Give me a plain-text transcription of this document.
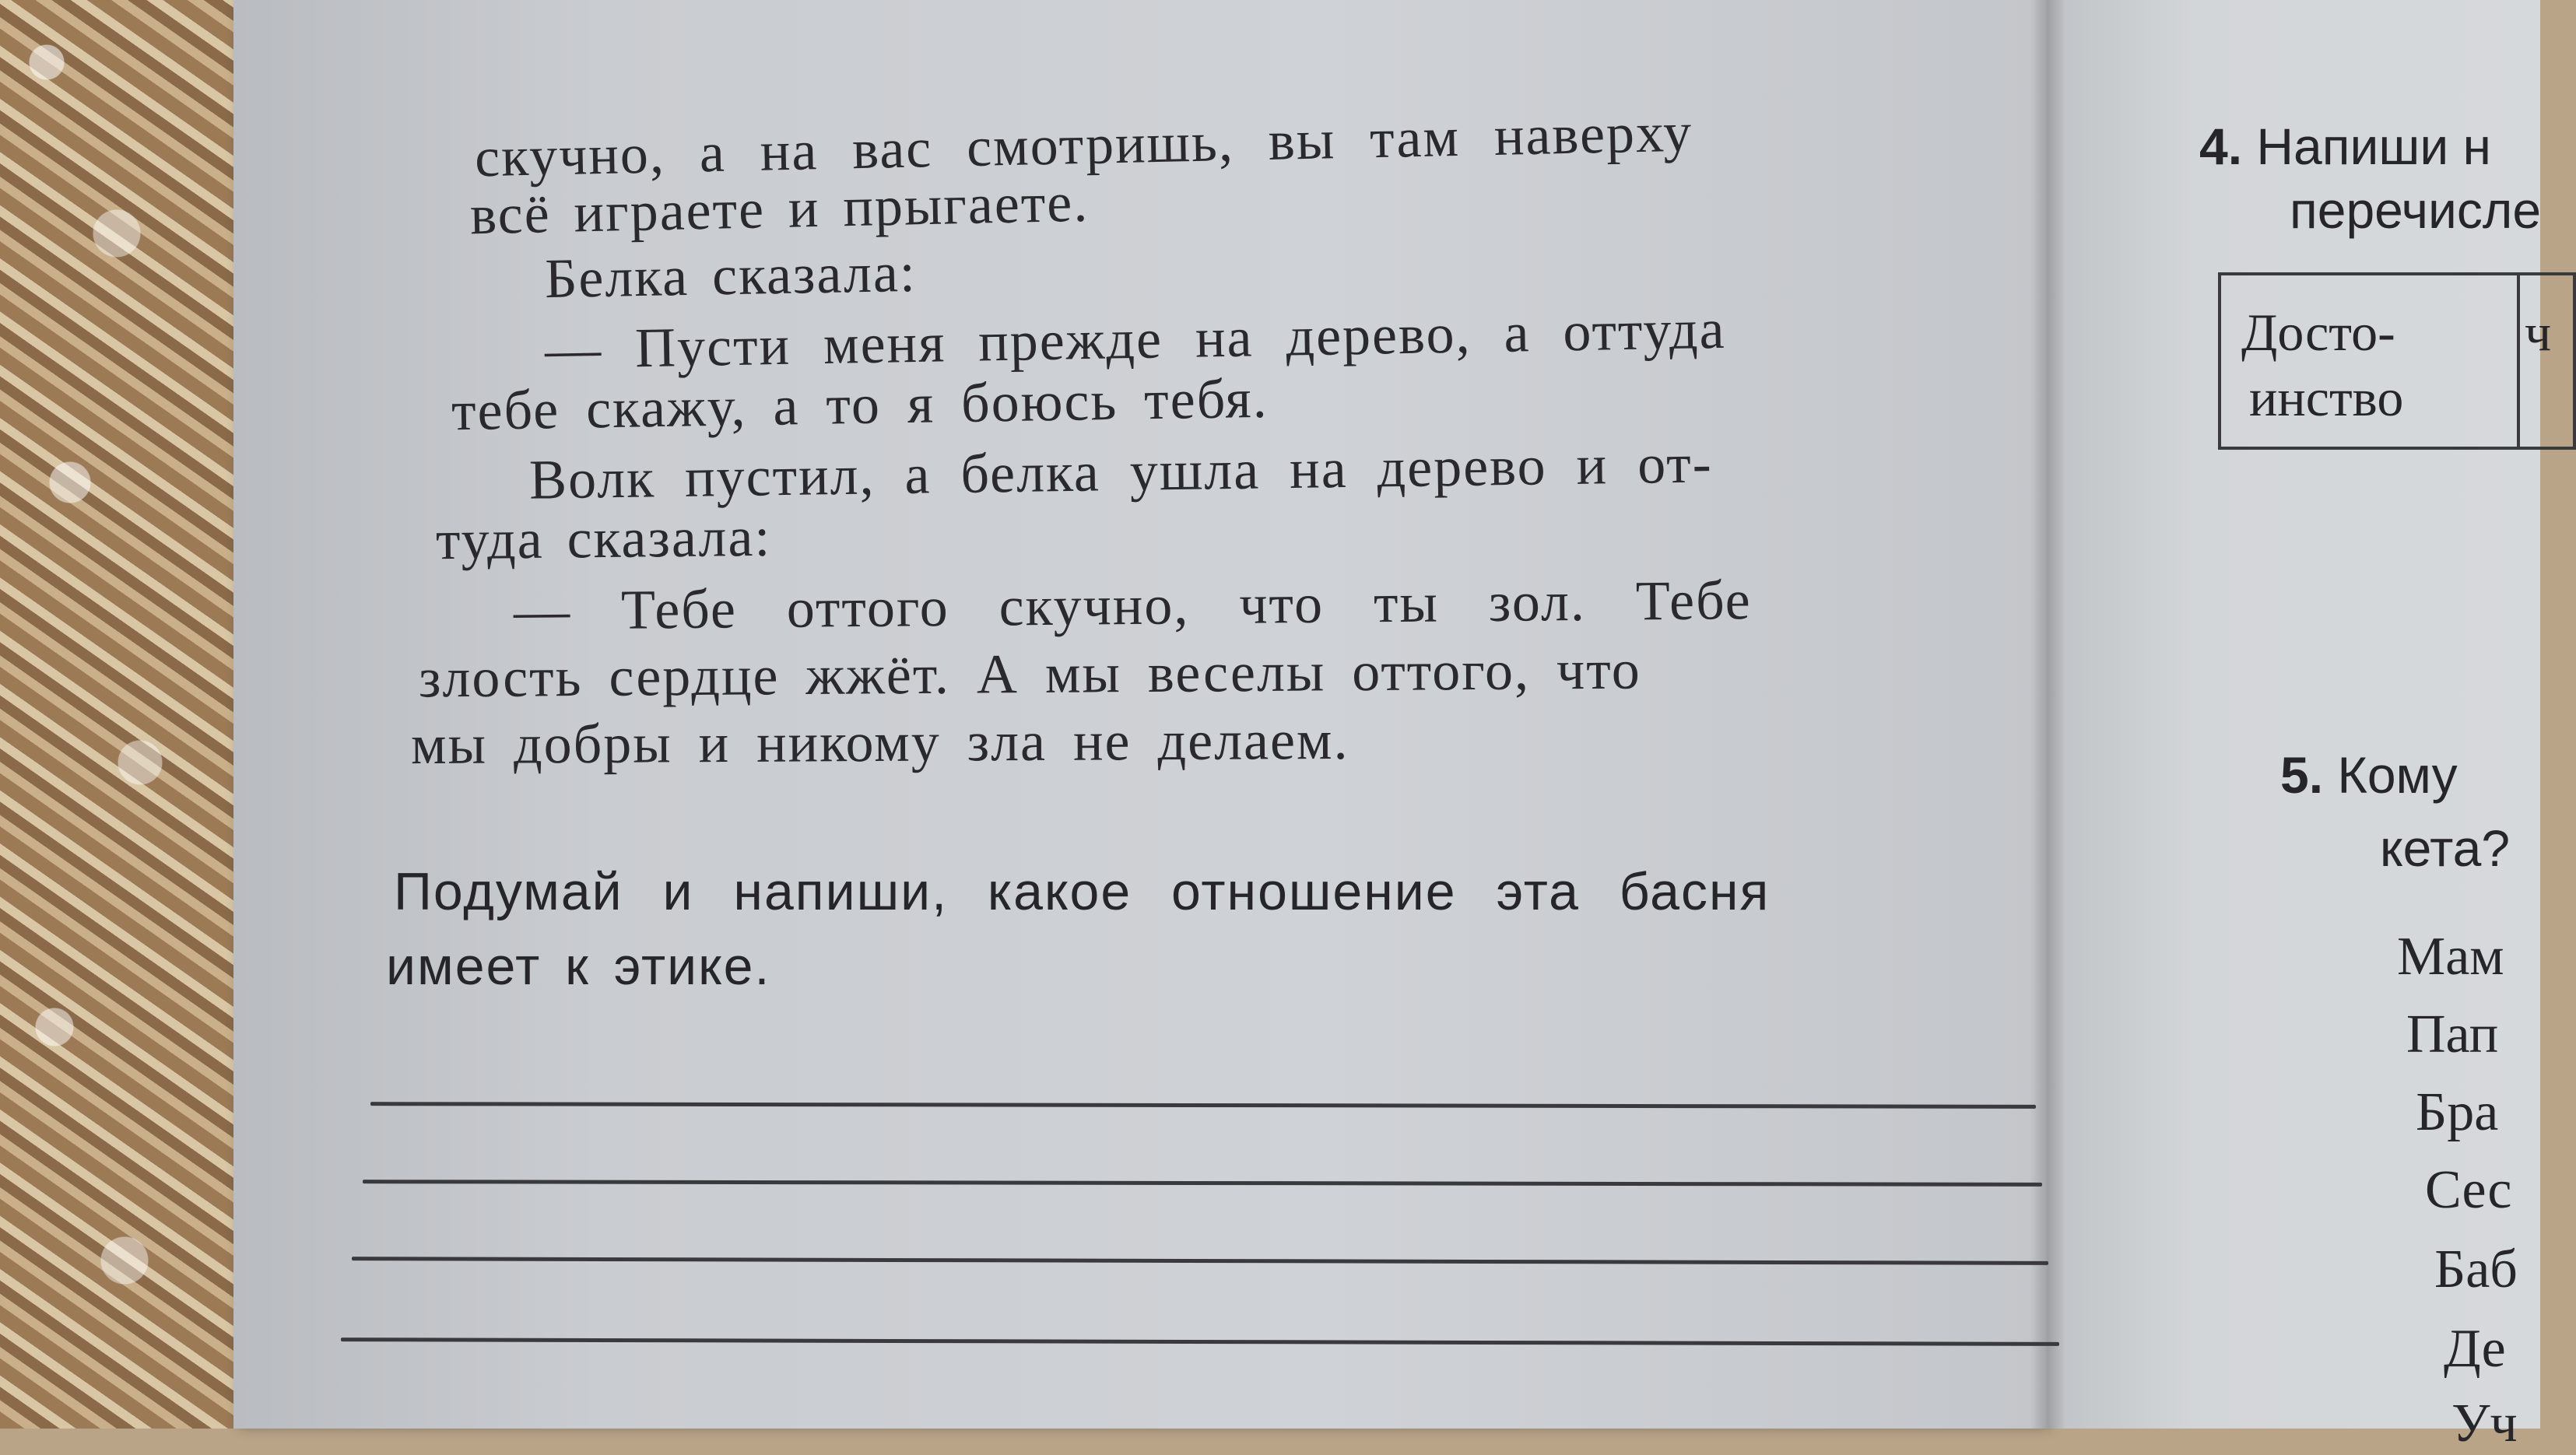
скучно, а на вас смотришь, вы там наверху
всё играете и прыгаете.
Белка сказала:
— Пусти меня прежде на дерево, а оттуда
тебе скажу, а то я боюсь тебя.
Волк пустил, а белка ушла на дерево и от-
туда сказала:
— Тебе оттого скучно, что ты зол. Тебе
злость сердце жжёт. А мы веселы оттого, что
мы добры и никому зла не делаем.
Подумай и напиши, какое отношение эта басня
имеет к этике.
4. Напиши н
перечисле
Досто-
инство
ч
5. Кому
кета?
Мам
Пап
Бра
Сес
Баб
Де
Уч
